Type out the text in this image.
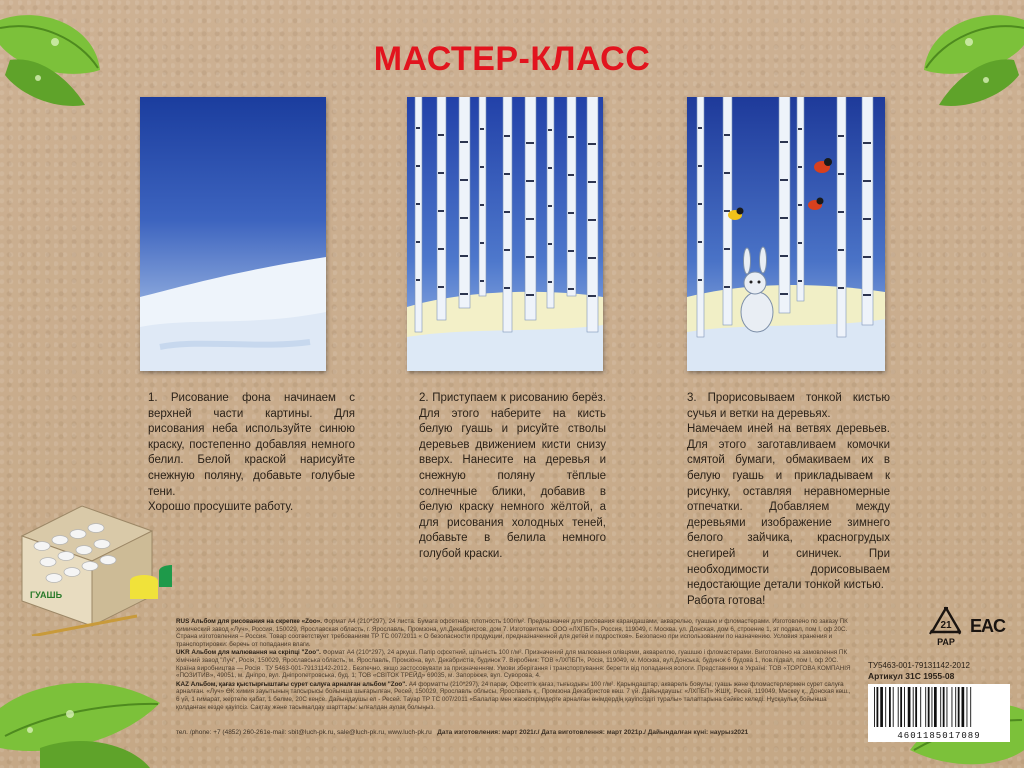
МАСТЕР-КЛАСС

1. Рисование фона начинаем с верхней части картины. Для рисования неба используйте синюю краску, постепенно добавляя немного белил. Белой краской нарисуйте снежную поляну, добавьте голубые тени.

Хорошо просушите работу.

2. Приступаем к рисованию берёз. Для этого наберите на кисть белую гуашь и рисуйте стволы деревьев движением кисти снизу вверх. Нанесите на деревья и снежную поляну тёплые солнечные блики, добавив в белую краску немного жёлтой, а для рисования холодных теней, добавьте в белила немного голубой краски.

3. Прорисовываем тонкой кистью сучья и ветки на деревьях.

Намечаем иней на ветвях деревьев. Для этого заготавливаем комочки смятой бумаги, обмакиваем их в белую гуашь и прикладываем к рисунку, оставляя неравномерные отпечатки. Добавляем между деревьями изображение зимнего белого зайчика, красногрудых снегирей и синичек. При необходимости дорисовываем недостающие детали тонкой кистью.

Работа готова!

ГУАШЬ

RUS Альбом для рисования на скрепке «Zoo». Формат А4 (210*297), 24 листа. Бумага офсетная, плотность 100г/м². Предназначен для рисования карандашами, акварелью, гуашью и фломастерами. Изготовлено по заказу ПК химический завод «Луч», Россия, 150029, Ярославская область, г. Ярославль, Промзона, ул.Декабристов, дом 7. Изготовитель: ООО «ЛХПБП», Россия, 119049, г. Москва, ул. Донская, дом 6, строение 1, эт подвал, пом I, оф 20С. Страна изготовления – Россия. Товар соответствует требованиям ТР ТС 007/2011 « О безопасности продукции, предназначенной для детей и подростков». Безопасно при использовании по назначению. Условия хранения и транспортировки: беречь от попадания влаги.

UKR Альбом для малювання на скріпці "Zoo". Формат А4 (210*297), 24 аркуші. Папір офсетний, щільність 100 г/м². Призначений для малювання олівцями, аквареллю, гуашшю і фломастерами. Виготовлено на замовлення ПК хімічний завод "Луч", Росія, 150029, Ярославська область, м. Ярославль, Промзона, вул. Декабристів, будинок 7. Виробник: ТОВ «ЛХПБП», Росія, 119049, м. Москва, вул.Донська, будинок 6 будова 1, пов.підвал, пом I, оф 20С. Країна виробництва — Росія . ТУ 5463-001-79131142-2012 . Безпечно, якщо застосовувати за призначенням. Умови зберігання і транспортування: берегти від попадання вологи. Представники в Україні: ТОВ «ТОРГОВА КОМПАНІЯ «ПОЗИТИВ», 49051, м. Дніпро, вул. Дніпропетровська, буд. 1; ТОВ «СВІТОК ТРЕЙД» 69035, м. Запоріжжя, вул. Суворова, 4.

KAZ Альбом, қағаз қыстырғыштағы сурет салуға арналған альбом "Zoo". А4 форматты (210*297), 24 парақ. Офсеттік қағаз, тығыздығы 100 г/м². Қарындаштар, акварель бояулы, гуашь және фломастерлермен сурет салуға арналған. «Луч» ӨК химия зауытының тапсырысы бойынша шығарылған, Ресей, 150029, Ярославль облысы, Ярославль қ., Промзона Декабристов көш. 7 үй. Дайындаушы: «ЛХПБП» ЖШҚ, Ресей, 119049, Мәскеу қ., Донская көш., 6 үй, 1 ғимарат, жертөле қабат, 1 бөлме, 20С кеңсе. Дайындаушы ел - Ресей. Тауар ТР ТС 007/2011 «Балалар мен жасөспірімдерге арналған өнімдердің қауіпсіздігі туралы» талаптарына сәйкес келеді. Нұсқаулық бойынша қолданған кезде қауіпсіз. Сақтау және тасымалдау шарттары: ылғалдан аулақ болыңыз.

тел. /phone: +7 (4852) 260-261e-mail: sbit@luch-pk.ru, sale@luch-pk.ru, www.luch-pk.ru Дата изготовления: март 2021г./ Дата виготовлення: март 2021р./ Дайындалған күні: наурыз2021
21
PAP
EAC
ТУ5463-001-79131142-2012
Артикул 31С 1955-08
4601185017089
